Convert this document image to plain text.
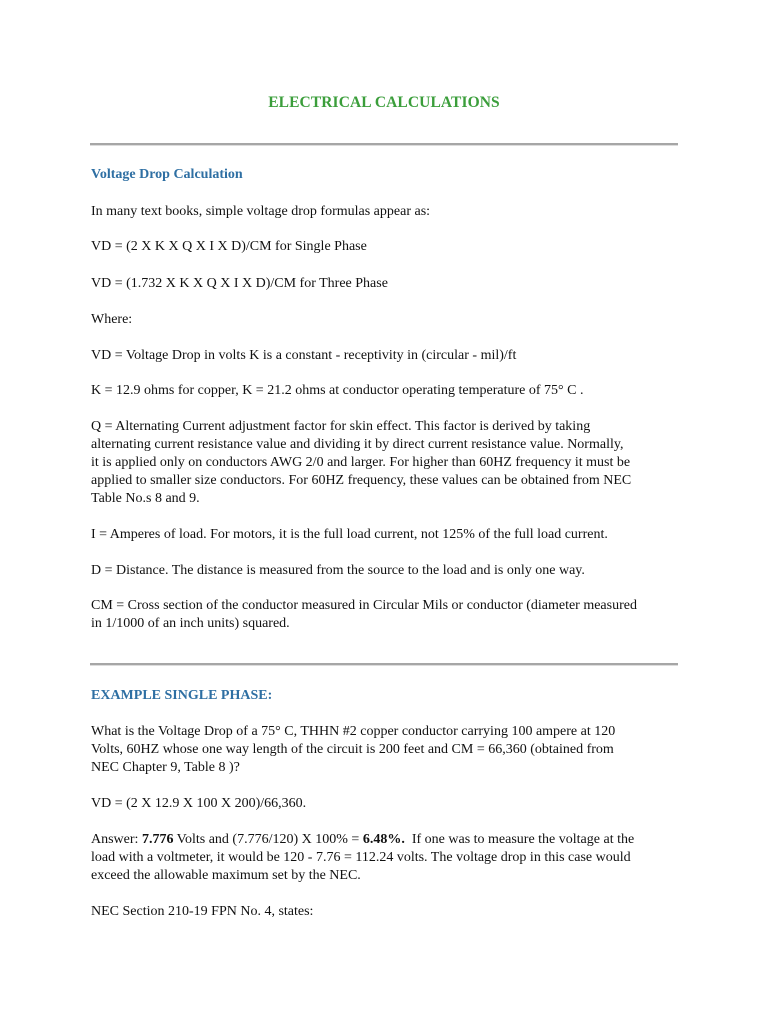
ELECTRICAL CALCULATIONS
Voltage Drop Calculation

In many text books, simple voltage drop formulas appear as:

VD = (2 X K X Q X I X D)/CM for Single Phase

VD = (1.732 X K X Q X I X D)/CM for Three Phase

Where:

VD = Voltage Drop in volts K is a constant - receptivity in (circular - mil)/ft

K = 12.9 ohms for copper, K = 21.2 ohms at conductor operating temperature of 75° C .

Q = Alternating Current adjustment factor for skin effect. This factor is derived by taking
alternating current resistance value and dividing it by direct current resistance value. Normally,
it is applied only on conductors AWG 2/0 and larger. For higher than 60HZ frequency it must be
applied to smaller size conductors. For 60HZ frequency, these values can be obtained from NEC
Table No.s 8 and 9.

I = Amperes of load. For motors, it is the full load current, not 125% of the full load current.

D = Distance. The distance is measured from the source to the load and is only one way.

CM = Cross section of the conductor measured in Circular Mils or conductor (diameter measured
in 1/1000 of an inch units) squared.
EXAMPLE SINGLE PHASE:
What is the Voltage Drop of a 75° C, THHN #2 copper conductor carrying 100 ampere at 120
Volts, 60HZ whose one way length of the circuit is 200 feet and CM = 66,360 (obtained from
NEC Chapter 9, Table 8 )?

VD = (2 X 12.9 X 100 X 200)/66,360.

Answer: 7.776 Volts and (7.776/120) X 100% = 6.48%.  If one was to measure the voltage at the
load with a voltmeter, it would be 120 - 7.76 = 112.24 volts. The voltage drop in this case would
exceed the allowable maximum set by the NEC.

NEC Section 210-19 FPN No. 4, states:
